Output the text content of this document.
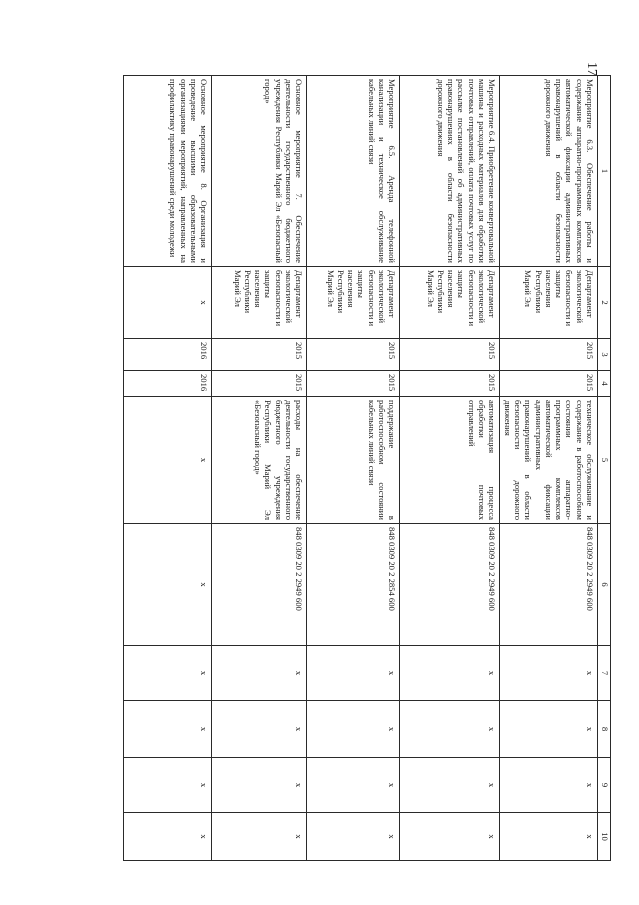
17
1	2	3	4	5	6	7	8	9	10
Мероприятие 6.3. Обеспечение работы и содержание аппаратно-программных комплексов автоматической фиксации административных правонарушений в области безопасности дорожного движения	Департамент экологической безопасности и защиты населения Республики Марий Эл	2015	2015	техническое обслуживание и содержание в работоспособном состоянии аппаратно-программных комплексов автоматической фиксации административных правонарушений в области безопасности дорожного движения	848 0309 20 2 2949 600	x	x	x	x
Мероприятие 6.4. Приобретение конвертовальной машины и расходных материалов для обработки почтовых отправлений, оплата почтовых услуг по рассылке постановлений об административных правонарушениях в области безопасности дорожного движения	Департамент экологической безопасности и защиты населения Республики Марий Эл	2015	2015	автоматизация процесса обработки почтовых отправлений	848 0309 20 2 2949 600	x	x	x	x
Мероприятие 6.5. Аренда телефонной канализации и техническое обслуживание кабельных линий связи	Департамент экологической безопасности и защиты населения Республики Марий Эл	2015	2015	поддержание в работоспособном состоянии кабельных линий связи	848 0309 20 2 2854 600	x	x	x	x
Основное мероприятие 7. Обеспечение деятельности государственного бюджетного учреждения Республики Марий Эл «Безопасный город»	Департамент экологической безопасности и защиты населения Республики Марий Эл	2015	2015	расходы на обеспечение деятельности государственного бюджетного учреждения Республики Марий Эл «Безопасный город»	848 0309 20 2 2949 600	x	x	x	x
Основное мероприятие 8. Организация и проведение высшими образовательными организациями мероприятий, направленных на профилактику правонарушений среди молодежи	x	2016	2016	x	x	x	x	x	x
